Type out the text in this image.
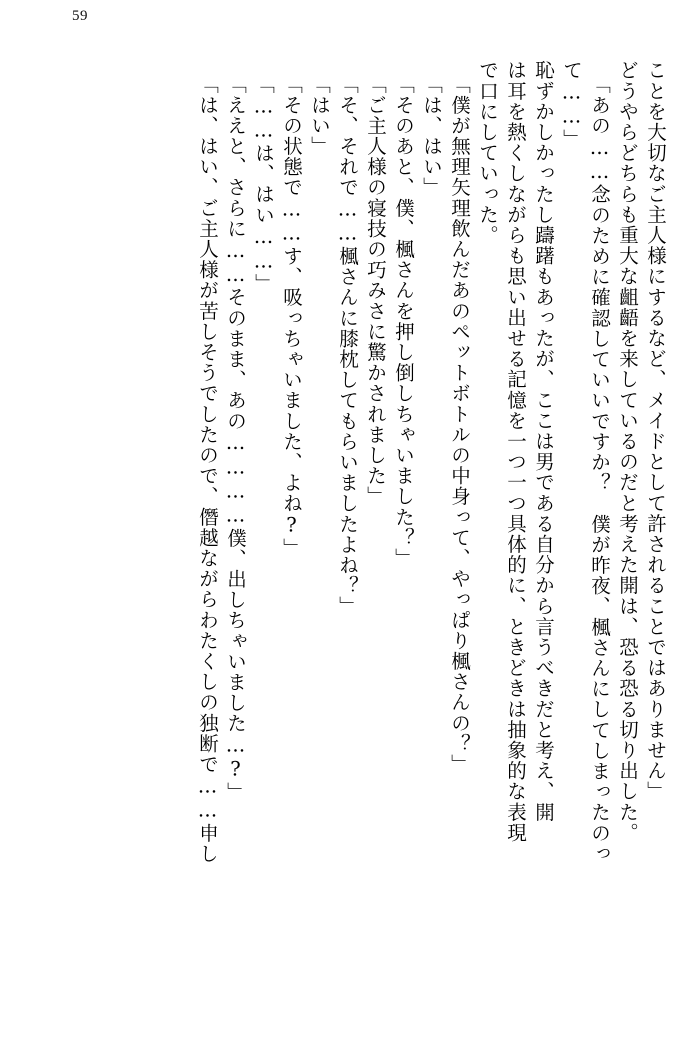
59
ことを大切なご主人様にするなど、メイドとして許されることではありません」
どうやらどちらも重大な齟齬を来しているのだと考えた開は、恐る恐る切り出した。
「あの……念のために確認していいですか？　僕が昨夜、楓さんにしてしまったのっ
て……」
恥ずかしかったし躊躇もあったが、ここは男である自分から言うべきだと考え、開
は耳を熱くしながらも思い出せる記憶を一つ一つ具体的に、ときどきは抽象的な表現
で口にしていった。
「僕が無理矢理飲んだあのペットボトルの中身って、やっぱり楓さんの？」
「は、はい」
「そのあと、僕、楓さんを押し倒しちゃいました？」
「ご主人様の寝技の巧みさに驚かされました」
「そ、それで……楓さんに膝枕してもらいましたよね？」
「はい」
「その状態で……す、吸っちゃいました、よね?」
「……は、はい……」
「ええと、さらに……そのまま、あの…………僕、出しちゃいました…?」
「は、はい、ご主人様が苦しそうでしたので、僭越ながらわたくしの独断で……申し
